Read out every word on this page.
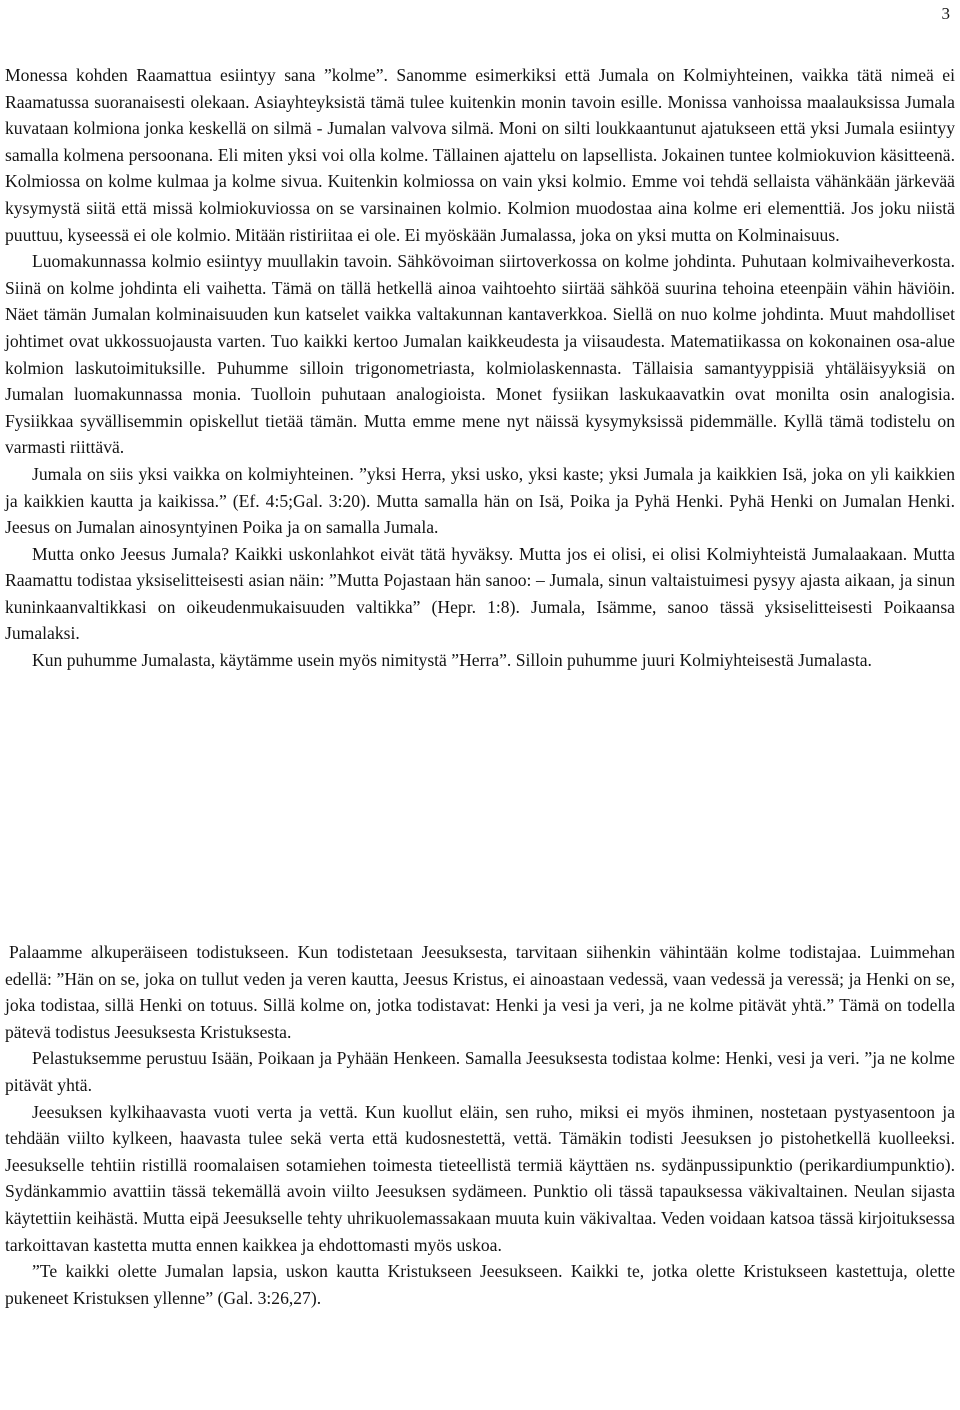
3

Monessa kohden Raamattua esiintyy sana ”kolme”. Sanomme esimerkiksi että Jumala on Kolmiyhteinen, vaikka tätä nimeä ei Raamatussa suoranaisesti olekaan. Asiayhteyksistä tämä tulee kuitenkin monin tavoin esille. Monissa vanhoissa maalauksissa Jumala kuvataan kolmiona jonka keskellä on silmä - Jumalan valvova silmä. Moni on silti loukkaantunut ajatukseen että yksi Jumala esiintyy samalla kolmena persoonana. Eli miten yksi voi olla kolme. Tällainen ajattelu on lapsellista. Jokainen tuntee kolmiokuvion käsitteenä. Kolmiossa on kolme kulmaa ja kolme sivua. Kuitenkin kolmiossa on vain yksi kolmio. Emme voi tehdä sellaista vähänkään järkevää kysymystä siitä että missä kolmiokuviossa on se varsinainen kolmio. Kolmion muodostaa aina kolme eri elementtiä. Jos joku niistä puuttuu, kyseessä ei ole kolmio. Mitään ristiriitaa ei ole. Ei myöskään Jumalassa, joka on yksi mutta on Kolminaisuus.

Luomakunnassa kolmio esiintyy muullakin tavoin. Sähkövoiman siirtoverkossa on kolme johdinta. Puhutaan kolmivaiheverkosta. Siinä on kolme johdinta eli vaihetta. Tämä on tällä hetkellä ainoa vaihtoehto siirtää sähköä suurina tehoina eteenpäin vähin häviöin. Näet tämän Jumalan kolminaisuuden kun katselet vaikka valtakunnan kantaverkkoa. Siellä on nuo kolme johdinta. Muut mahdolliset johtimet ovat ukkossuojausta varten. Tuo kaikki kertoo Jumalan kaikkeudesta ja viisaudesta. Matematiikassa on kokonainen osa-alue kolmion laskutoimituksille. Puhumme silloin trigonometriasta, kolmiolaskennasta. Tällaisia samantyyppisiä yhtäläisyyksiä on Jumalan luomakunnassa monia. Tuolloin puhutaan analogioista. Monet fysiikan laskukaavatkin ovat monilta osin analogisia. Fysiikkaa syvällisemmin opiskellut tietää tämän. Mutta emme mene nyt näissä kysymyksissä pidemmälle. Kyllä tämä todistelu on varmasti riittävä.

Jumala on siis yksi vaikka on kolmiyhteinen. ”yksi Herra, yksi usko, yksi kaste; yksi Jumala ja kaikkien Isä, joka on yli kaikkien ja kaikkien kautta ja kaikissa.” (Ef. 4:5;Gal. 3:20). Mutta samalla hän on Isä, Poika ja Pyhä Henki. Pyhä Henki on Jumalan Henki. Jeesus on Jumalan ainosyntyinen Poika ja on samalla Jumala.

Mutta onko Jeesus Jumala? Kaikki uskonlahkot eivät tätä hyväksy. Mutta jos ei olisi, ei olisi Kolmiyhteistä Jumalaakaan. Mutta Raamattu todistaa yksiselitteisesti asian näin: ”Mutta Pojastaan hän sanoo: – Jumala, sinun valtaistuimesi pysyy ajasta aikaan, ja sinun kuninkaanvaltikkasi on oikeudenmukaisuuden valtikka” (Hepr. 1:8). Jumala, Isämme, sanoo tässä yksiselitteisesti Poikaansa Jumalaksi.

Kun puhumme Jumalasta, käytämme usein myös nimitystä ”Herra”. Silloin puhumme juuri Kolmiyhteisestä Jumalasta.

Palaamme alkuperäiseen todistukseen. Kun todistetaan Jeesuksesta, tarvitaan siihenkin vähintään kolme todistajaa. Luimmehan edellä: ”Hän on se, joka on tullut veden ja veren kautta, Jeesus Kristus, ei ainoastaan vedessä, vaan vedessä ja veressä; ja Henki on se, joka todistaa, sillä Henki on totuus. Sillä kolme on, jotka todistavat: Henki ja vesi ja veri, ja ne kolme pitävät yhtä.” Tämä on todella pätevä todistus Jeesuksesta Kristuksesta.

Pelastuksemme perustuu Isään, Poikaan ja Pyhään Henkeen. Samalla Jeesuksesta todistaa kolme: Henki, vesi ja veri. ”ja ne kolme pitävät yhtä.

Jeesuksen kylkihaavasta vuoti verta ja vettä. Kun kuollut eläin, sen ruho, miksi ei myös ihminen, nostetaan pystyasentoon ja tehdään viilto kylkeen, haavasta tulee sekä verta että kudosnestettä, vettä. Tämäkin todisti Jeesuksen jo pistohetkellä kuolleeksi. Jeesukselle tehtiin ristillä roomalaisen sotamiehen toimesta tieteellistä termiä käyttäen ns. sydänpussipunktio (perikardiumpunktio). Sydänkammio avattiin tässä tekemällä avoin viilto Jeesuksen sydämeen. Punktio oli tässä tapauksessa väkivaltainen. Neulan sijasta käytettiin keihästä. Mutta eipä Jeesukselle tehty uhrikuolemassakaan muuta kuin väkivaltaa. Veden voidaan katsoa tässä kirjoituksessa tarkoittavan kastetta mutta ennen kaikkea ja ehdottomasti myös uskoa.

”Te kaikki olette Jumalan lapsia, uskon kautta Kristukseen Jeesukseen. Kaikki te, jotka olette Kristukseen kastettuja, olette pukeneet Kristuksen yllenne” (Gal. 3:26,27).
